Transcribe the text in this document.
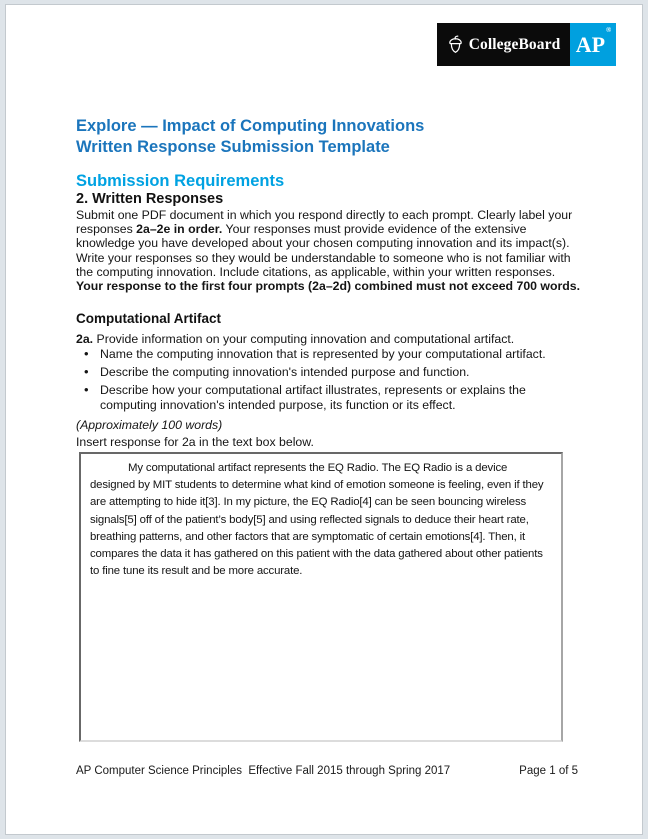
CollegeBoard AP®
Explore — Impact of Computing Innovations
Written Response Submission Template
Submission Requirements
2. Written Responses

Submit one PDF document in which you respond directly to each prompt. Clearly label your responses 2a–2e in order. Your responses must provide evidence of the extensive knowledge you have developed about your chosen computing innovation and its impact(s). Write your responses so they would be understandable to someone who is not familiar with the computing innovation. Include citations, as applicable, within your written responses. Your response to the first four prompts (2a–2d) combined must not exceed 700 words.

Computational Artifact

2a. Provide information on your computing innovation and computational artifact.

• Name the computing innovation that is represented by your computational artifact.
• Describe the computing innovation's intended purpose and function.
• Describe how your computational artifact illustrates, represents or explains the computing innovation's intended purpose, its function or its effect.
(Approximately 100 words)
Insert response for 2a in the text box below.

My computational artifact represents the EQ Radio. The EQ Radio is a device designed by MIT students to determine what kind of emotion someone is feeling, even if they are attempting to hide it[3]. In my picture, the EQ Radio[4] can be seen bouncing wireless signals[5] off of the patient’s body[5] and using reflected signals to deduce their heart rate, breathing patterns, and other factors that are symptomatic of certain emotions[4]. Then, it compares the data it has gathered on this patient with the data gathered about other patients to fine tune its result and be more accurate.

AP Computer Science Principles  Effective Fall 2015 through Spring 2017	Page 1 of 5
